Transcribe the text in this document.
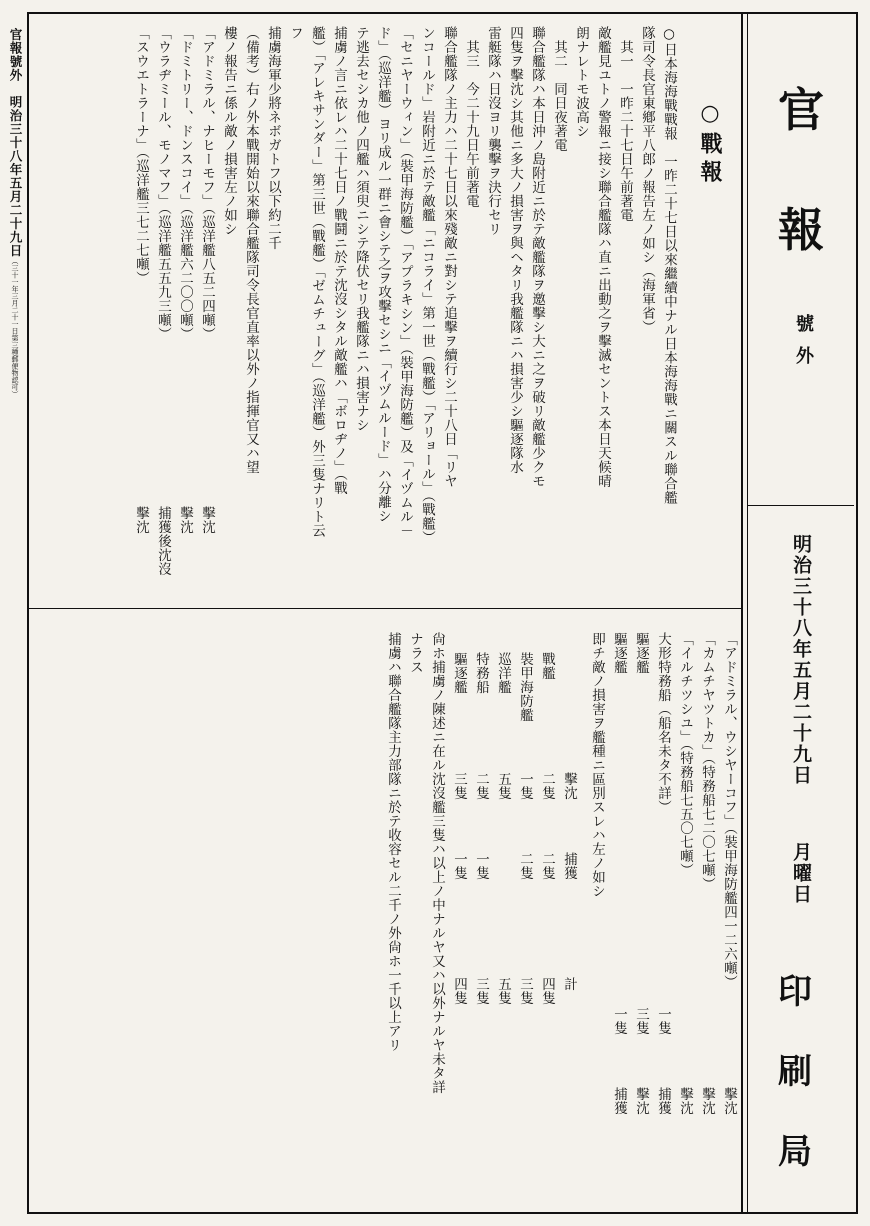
官報號外　明治三十八年五月二十九日（三十一年三月二十一日第三種郵便物認可）
官
報
號外
明治三十八年五月二十九日
月曜日
印
刷
局
○戰報
○日本海海戰戰報　一昨二十七日以來繼續中ナル日本海海戰ニ關スル聯合艦
隊司令長官東鄕平八郎ノ報告左ノ如シ（海軍省）
　其一　一昨二十七日午前著電
敵艦見ユトノ警報ニ接シ聯合艦隊ハ直ニ出動之ヲ擊滅セントス本日天候晴
朗ナレトモ波高シ
　其二　同日夜著電
聯合艦隊ハ本日沖ノ島附近ニ於テ敵艦隊ヲ邀擊シ大ニ之ヲ破リ敵艦少クモ
四隻ヲ擊沈シ其他ニ多大ノ損害ヲ與ヘタリ我艦隊ニハ損害少シ驅逐隊水
雷艇隊ハ日沒ヨリ襲擊ヲ決行セリ
　其三　今二十九日午前著電
聯合艦隊ノ主力ハ二十七日以來殘敵ニ對シテ追擊ヲ續行シ二十八日「リヤ
ンコールド」岩附近ニ於テ敵艦「ニコライ」第一世（戰艦）「アリョール」（戰艦）
「セニヤーウィン」（裝甲海防艦）「アプラキシン」（裝甲海防艦）及「イヅムル－
ド」（巡洋艦）ヨリ成ル一群ニ會シテ之ヲ攻擊セシニ「イヅムルード」ハ分離シ
テ逃去セシカ他ノ四艦ハ須臾ニシテ降伏セリ我艦隊ニハ損害ナシ
捕虜ノ言ニ依レハ二十七日ノ戰鬪ニ於テ沈沒シタル敵艦ハ「ボロヂノ」（戰
艦）「アレキサンダー」第三世（戰艦）「ゼムチューグ」（巡洋艦）外三隻ナリト云
フ
捕虜海軍少將ネボガトフ以下約二千
（備考）右ノ外本戰開始以來聯合艦隊司令長官直率以外ノ指揮官又ハ望
樓ノ報告ニ係ル敵ノ損害左ノ如シ
「アドミラル、ナヒーモフ」（巡洋艦八五二四噸）
擊沈
「ドミトリー、ドンスコイ」（巡洋艦六二〇〇噸）
擊沈
「ウラヂミール、モノマフ」（巡洋艦五五九三噸）
捕獲後沈沒
「スウエトラーナ」（巡洋艦三七二七噸）
擊沈
「アドミラル、ウシヤーコフ」（裝甲海防艦四一二六噸）
擊沈
「カムチヤツトカ」（特務船七二〇七噸）
擊沈
「イルチツシユ」（特務船七五〇七噸）
擊沈
大形特務船（船名未タ不詳）
一隻
捕獲
驅逐艦
三隻
擊沈
驅逐艦
一隻
捕獲
即チ敵ノ損害ヲ艦種ニ區別スレハ左ノ如シ
擊沈
捕獲
計
戰艦
二隻
二隻
四隻
裝甲海防艦
一隻
二隻
三隻
巡洋艦
五隻
五隻
特務船
二隻
一隻
三隻
驅逐艦
三隻
一隻
四隻
尙ホ捕虜ノ陳述ニ在ル沈沒艦三隻ハ以上ノ中ナルヤ又ハ以外ナルヤ未タ詳
ナラス
捕虜ハ聯合艦隊主力部隊ニ於テ收容セル二千ノ外尙ホ一千以上アリ
